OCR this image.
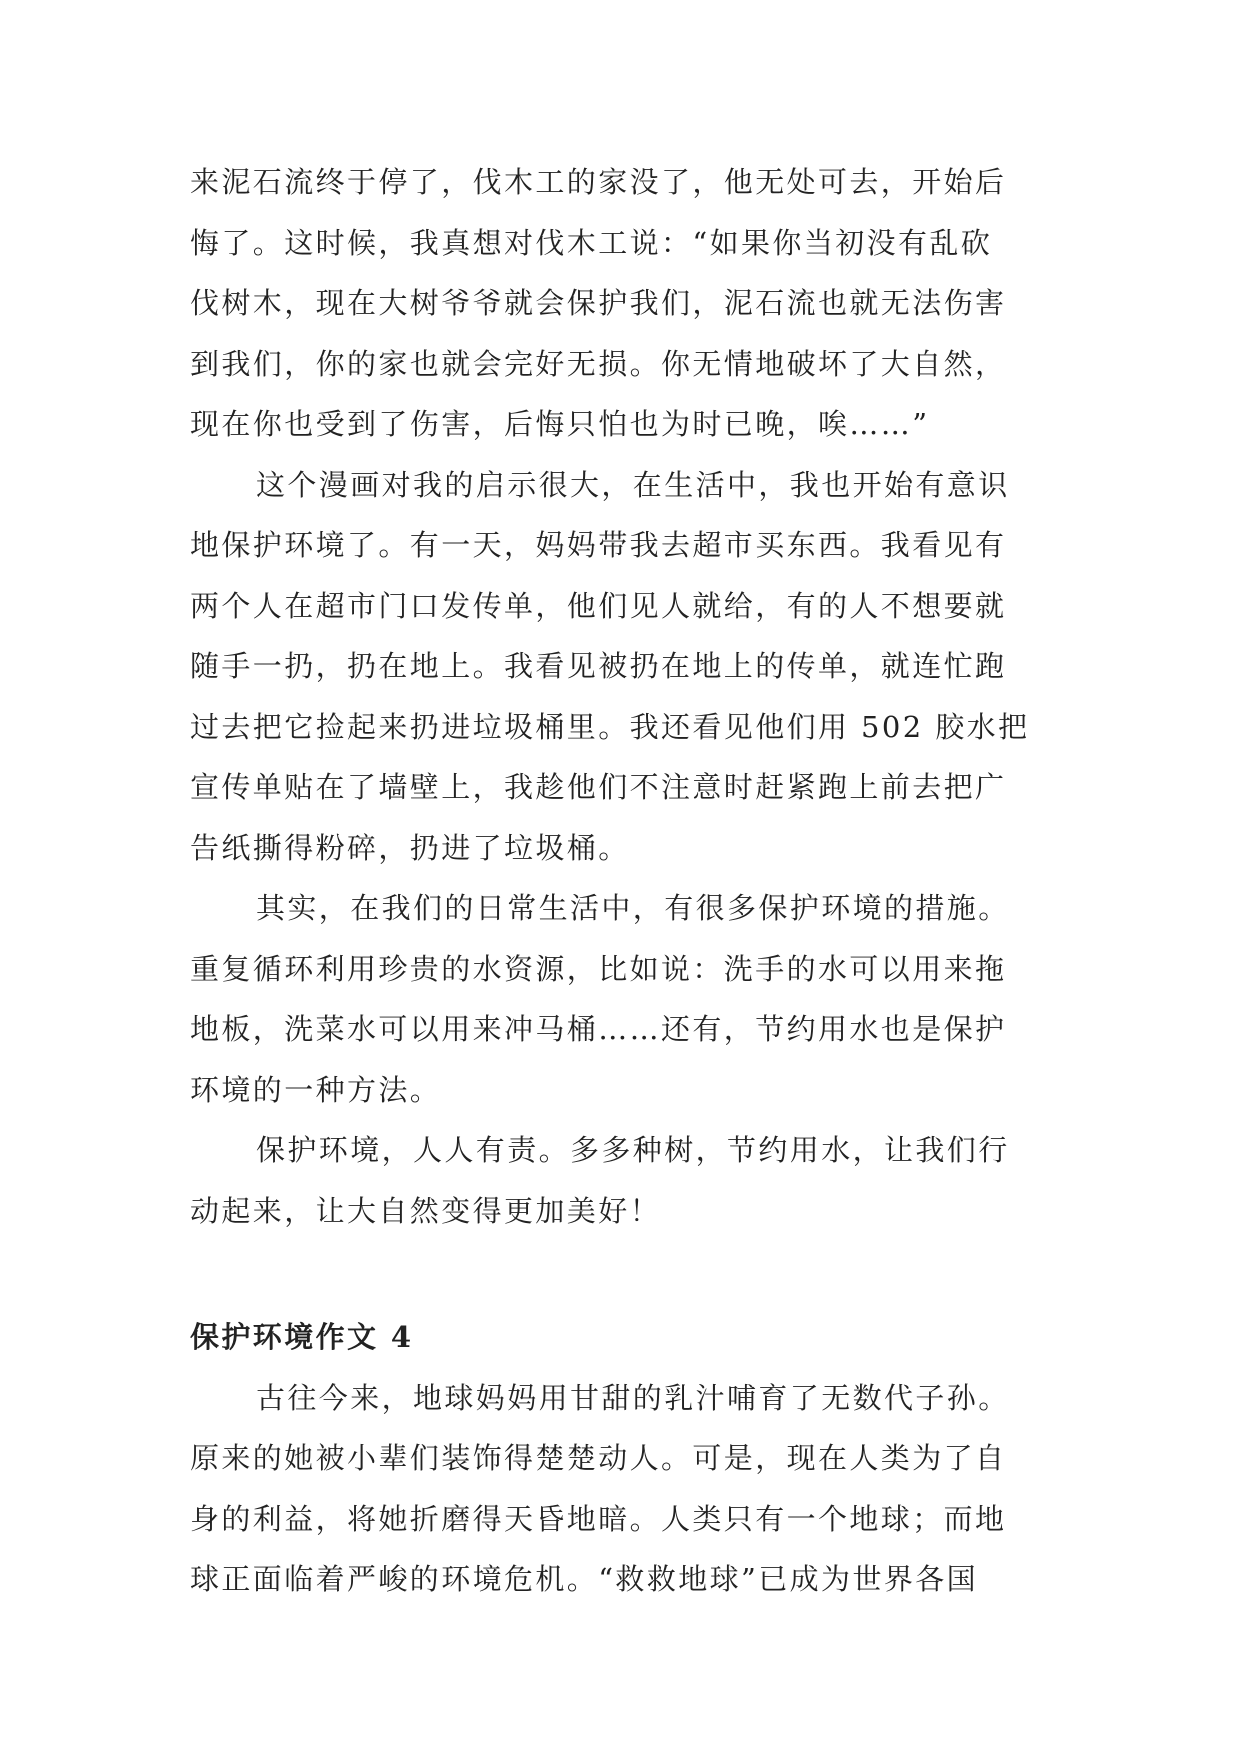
来泥石流终于停了，伐木工的家没了，他无处可去，开始后
悔了。这时候，我真想对伐木工说：“如果你当初没有乱砍
伐树木，现在大树爷爷就会保护我们，泥石流也就无法伤害
到我们，你的家也就会完好无损。你无情地破坏了大自然，
现在你也受到了伤害，后悔只怕也为时已晚，唉……”

这个漫画对我的启示很大，在生活中，我也开始有意识
地保护环境了。有一天，妈妈带我去超市买东西。我看见有
两个人在超市门口发传单，他们见人就给，有的人不想要就
随手一扔，扔在地上。我看见被扔在地上的传单，就连忙跑
过去把它捡起来扔进垃圾桶里。我还看见他们用 502 胶水把
宣传单贴在了墙壁上，我趁他们不注意时赶紧跑上前去把广
告纸撕得粉碎，扔进了垃圾桶。

其实，在我们的日常生活中，有很多保护环境的措施。
重复循环利用珍贵的水资源，比如说：洗手的水可以用来拖
地板，洗菜水可以用来冲马桶……还有，节约用水也是保护
环境的一种方法。

保护环境，人人有责。多多种树，节约用水，让我们行
动起来，让大自然变得更加美好！

保护环境作文 4

古往今来，地球妈妈用甘甜的乳汁哺育了无数代子孙。
原来的她被小辈们装饰得楚楚动人。可是，现在人类为了自
身的利益，将她折磨得天昏地暗。人类只有一个地球；而地
球正面临着严峻的环境危机。“救救地球”已成为世界各国
